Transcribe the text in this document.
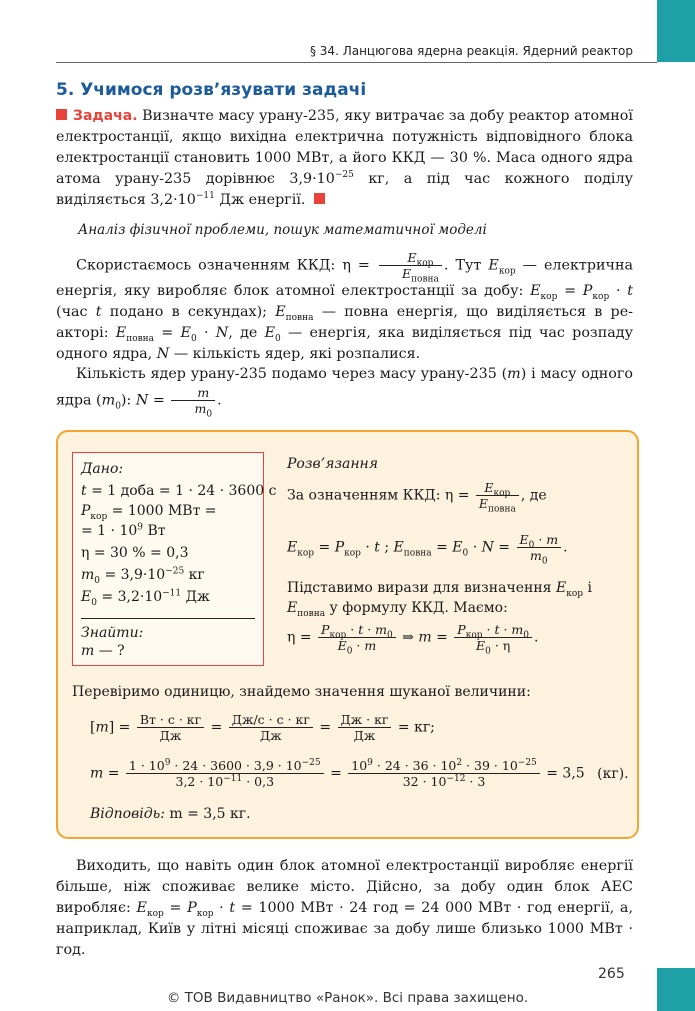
§ 34. Ланцюгова ядерна реакція. Ядерний реактор
5. Учимося розв’язувати задачі
Задача. Визначте масу урану-235, яку витрачає за добу реактор атомної електростанції, якщо вихідна електрична потужність відповідного блока електростанції становить 1000 МВт, а його ККД — 30 %. Маса одного ядра атома урану-235 дорівнює $3,9\cdot 10^{-25}$ кг, а під час кожного поділу виділяється $3,2\cdot 10^{-11}$ Дж енергії.
Аналіз фізичної проблеми, пошук математичної моделі
Скористаємось означенням ККД: $\eta = \frac{E_{кор}}{E_{повна}}$ . Тут $E_{кор}$ — електрична енергія, яку виробляє блок атомної електростанції за добу: $E_{кор} = P_{кор} \cdot t$ (час t подано в секундах); $E_{повна}$ — повна енергія, що виділяється в реакторі: $E_{повна} = E_0 \cdot N$, де $E_0$ — енергія, яка виділяється під час розпаду одного ядра, N — кількість ядер, які розпалися.
Кількість ядер урану-235 подамо через масу урану-235 (m) і масу одного ядра $(m_0)$: $N = \frac{m}{m_0}$ .
Дано:
t = 1 доба = 1 · 24 · 3600 с
$P_{кор} = 1000$ МВт =
= $1 \cdot 10^9$ Вт
η = 30 % = 0,3
$m_0 = 3,9\cdot 10^{-25}$ кг
$E_0 = 3,2\cdot 10^{-11}$ Дж
Знайти:
m — ?
Розв’язання
За означенням ККД: $\eta = \frac{E_{кор}}{E_{повна}}$ , де
$E_{кор} = P_{кор} \cdot t$ ; $E_{повна} = E_0 \cdot N = \frac{E_0 \cdot m}{m_0}$ .
Підставимо вирази для визначення $E_{кор}$ і $E_{повна}$ у формулу ККД. Маємо:
$\eta = \frac{P_{кор} \cdot t \cdot m_0}{E_0 \cdot m}$ ⇒ $m = \frac{P_{кор} \cdot t \cdot m_0}{E_0 \cdot \eta}$ .
Перевіримо одиницю, знайдемо значення шуканої величини:
$[m] = \frac{Вт \cdot с \cdot кг}{Дж} = \frac{Дж/с \cdot с \cdot кг}{Дж} = \frac{Дж \cdot кг}{Дж}$ = кг;
$m = \frac{1 \cdot 10^9 \cdot 24 \cdot 3600 \cdot 3,9 \cdot 10^{-25}}{3,2 \cdot 10^{-11} \cdot 0,3} = \frac{10^9 \cdot 24 \cdot 36 \cdot 10^2 \cdot 39 \cdot 10^{-25}}{32 \cdot 10^{-12} \cdot 3} = 3,5$ (кг).
Відповідь: m = 3,5 кг.
Виходить, що навіть один блок атомної електростанції виробляє енергії більше, ніж споживає велике місто. Дійсно, за добу один блок АЕС виробляє: $E_{кор} = P_{кор} \cdot t = 1000$ МВт · 24 год = 24 000 МВт · год енергії, а, наприклад, Київ у літні місяці споживає за добу лише близько 1000 МВт · год.
265
© ТОВ Видавництво «Ранок». Всі права захищено.
